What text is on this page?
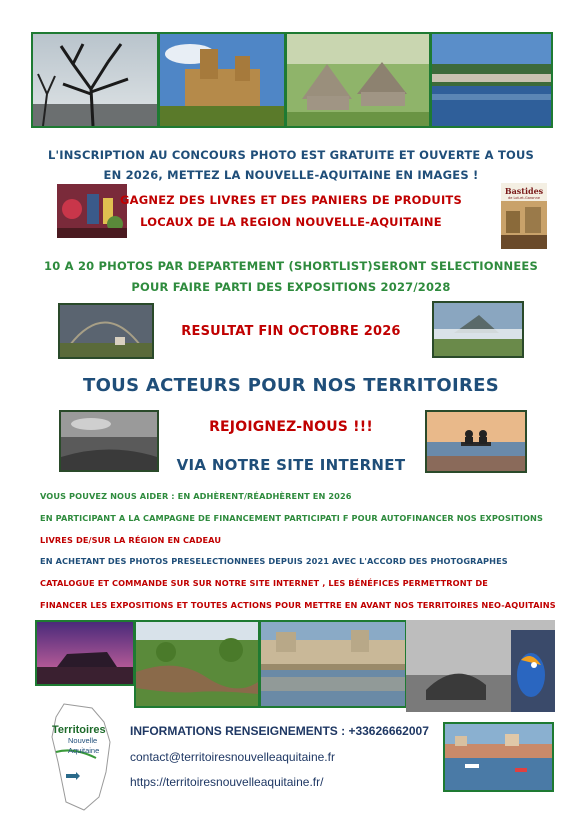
L'INSCRIPTION AU CONCOURS PHOTO EST GRATUITE ET OUVERTE A TOUS
EN 2026, METTEZ LA NOUVELLE-AQUITAINE EN IMAGES !
GAGNEZ DES LIVRES ET DES PANIERS DE PRODUITS
LOCAUX DE LA REGION NOUVELLE-AQUITAINE
Bastides
de Lot-et-Garonne
10 A 20 PHOTOS PAR DEPARTEMENT (SHORTLIST)SERONT SELECTIONNEES
POUR FAIRE PARTI DES EXPOSITIONS 2027/2028
RESULTAT FIN OCTOBRE 2026
TOUS ACTEURS POUR NOS TERRITOIRES
REJOIGNEZ-NOUS !!!
VIA NOTRE SITE INTERNET
VOUS POUVEZ NOUS AIDER : EN ADHÈRENT/RÉADHÈRENT EN 2026
EN PARTICIPANT A LA CAMPAGNE DE FINANCEMENT PARTICIPATI F POUR AUTOFINANCER NOS EXPOSITIONS
LIVRES DE/SUR LA RÉGION EN CADEAU
EN ACHETANT DES PHOTOS PRESELECTIONNEES DEPUIS 2021 AVEC L'ACCORD DES PHOTOGRAPHES
CATALOGUE ET COMMANDE SUR SUR NOTRE SITE INTERNET , LES BÉNÉFICES PERMETTRONT DE
FINANCER LES EXPOSITIONS ET TOUTES ACTIONS POUR METTRE EN AVANT NOS TERRITOIRES NEO-AQUITAINS
Territoires
Nouvelle
Aquitaine
INFORMATIONS RENSEIGNEMENTS : +33626662007
contact@territoiresnouvelleaquitaine.fr
https://territoiresnouvelleaquitaine.fr/
